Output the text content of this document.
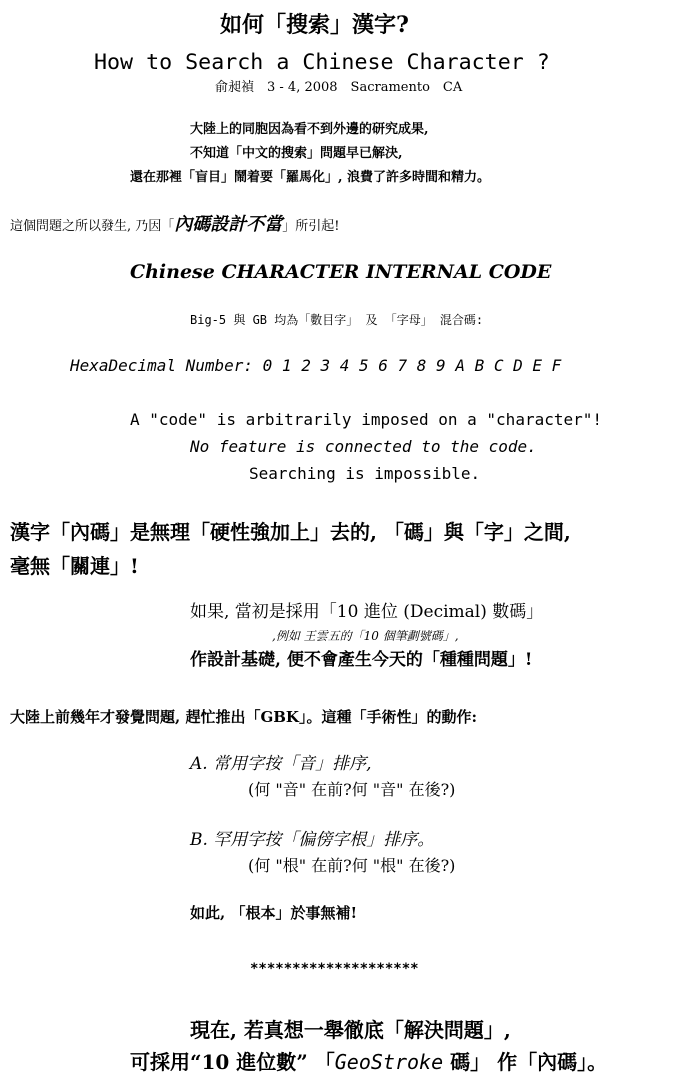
如何「搜索」漢字?
How to Search a Chinese Character ?
俞昶禎　3 - 4, 2008　Sacramento　CA
大陸上的同胞因為看不到外邊的研究成果,
不知道「中文的搜索」問題早已解決,
還在那裡「盲目」鬧着要「羅馬化」, 浪費了許多時間和精力。
這個問題之所以發生, 乃因「內碼設計不當」所引起!
Chinese CHARACTER INTERNAL CODE
Big-5 與 GB 均為「數目字」 及 「字母」 混合碼:
HexaDecimal Number: 0 1 2 3 4 5 6 7 8 9 A B C D E F
A "code" is arbitrarily imposed on a "character"!
No feature is connected to the code.
Searching is impossible.
漢字「內碼」是無理「硬性強加上」去的, 「碼」與「字」之間,
毫無「關連」!
如果, 當初是採用「10 進位 (Decimal) 數碼」
,例如 王雲五的「10 個筆劃號碼」,
作設計基礎, 便不會產生今天的「種種問題」!
大陸上前幾年才發覺問題, 趕忙推出「GBK」。這種「手術性」的動作:
A. 常用字按「音」排序,
(何 "音" 在前?何 "音" 在後?)
B. 罕用字按「偏傍字根」排序。
(何 "根" 在前?何 "根" 在後?)
如此, 「根本」於事無補!
********************
現在, 若真想一舉徹底「解決問題」,
可採用“10 進位數” 「GeoStroke 碼」 作「內碼」。
